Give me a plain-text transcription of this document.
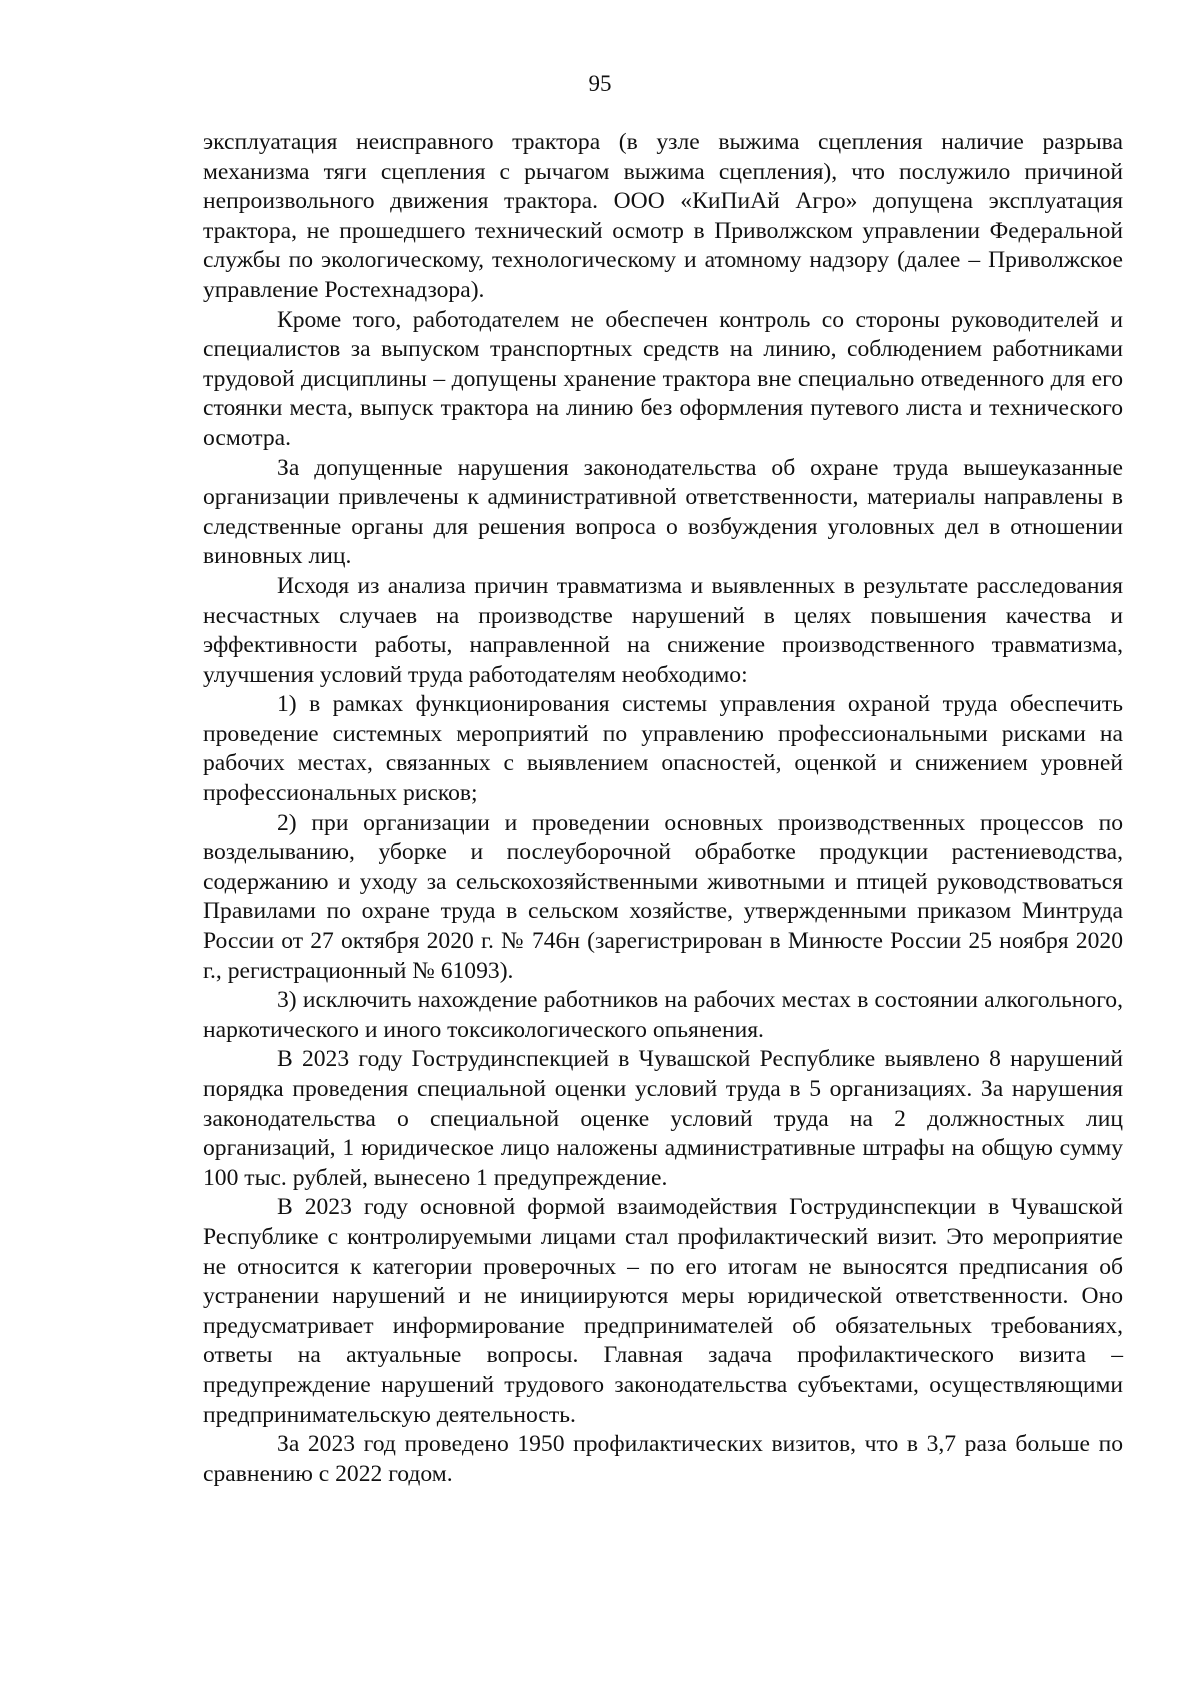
95

эксплуатация неисправного трактора (в узле выжима сцепления наличие разрыва механизма тяги сцепления с рычагом выжима сцепления), что послужило причиной непроизвольного движения трактора. ООО «КиПиАй Агро» допущена эксплуатация трактора, не прошедшего технический осмотр в Приволжском управлении Федеральной службы по экологическому, технологическому и атомному надзору (далее – Приволжское управление Ростехнадзора).

Кроме того, работодателем не обеспечен контроль со стороны руководителей и специалистов за выпуском транспортных средств на линию, соблюдением работниками трудовой дисциплины – допущены хранение трактора вне специально отведенного для его стоянки места, выпуск трактора на линию без оформления путевого листа и технического осмотра.

За допущенные нарушения законодательства об охране труда вышеуказанные организации привлечены к административной ответственности, материалы направлены в следственные органы для решения вопроса о возбуждения уголовных дел в отношении виновных лиц.

Исходя из анализа причин травматизма и выявленных в результате расследования несчастных случаев на производстве нарушений в целях повышения качества и эффективности работы, направленной на снижение производственного травматизма, улучшения условий труда работодателям необходимо:

1) в рамках функционирования системы управления охраной труда обеспечить проведение системных мероприятий по управлению профессиональными рисками на рабочих местах, связанных с выявлением опасностей, оценкой и снижением уровней профессиональных рисков;

2) при организации и проведении основных производственных процессов по возделыванию, уборке и послеуборочной обработке продукции растениеводства, содержанию и уходу за сельскохозяйственными животными и птицей руководствоваться Правилами по охране труда в сельском хозяйстве, утвержденными приказом Минтруда России от 27 октября 2020 г. № 746н (зарегистрирован в Минюсте России 25 ноября 2020 г., регистрационный № 61093).

3) исключить нахождение работников на рабочих местах в состоянии алкогольного, наркотического и иного токсикологического опьянения.

В 2023 году Гострудинспекцией в Чувашской Республике выявлено 8 нарушений порядка проведения специальной оценки условий труда в 5 организациях. За нарушения законодательства о специальной оценке условий труда на 2 должностных лиц организаций, 1 юридическое лицо наложены административные штрафы на общую сумму 100 тыс. рублей, вынесено 1 предупреждение.

В 2023 году основной формой взаимодействия Гострудинспекции в Чувашской Республике с контролируемыми лицами стал профилактический визит. Это мероприятие не относится к категории проверочных – по его итогам не выносятся предписания об устранении нарушений и не инициируются меры юридической ответственности. Оно предусматривает информирование предпринимателей об обязательных требованиях, ответы на актуальные вопросы. Главная задача профилактического визита – предупреждение нарушений трудового законодательства субъектами, осуществляющими предпринимательскую деятельность.

За 2023 год проведено 1950 профилактических визитов, что в 3,7 раза больше по сравнению с 2022 годом.
